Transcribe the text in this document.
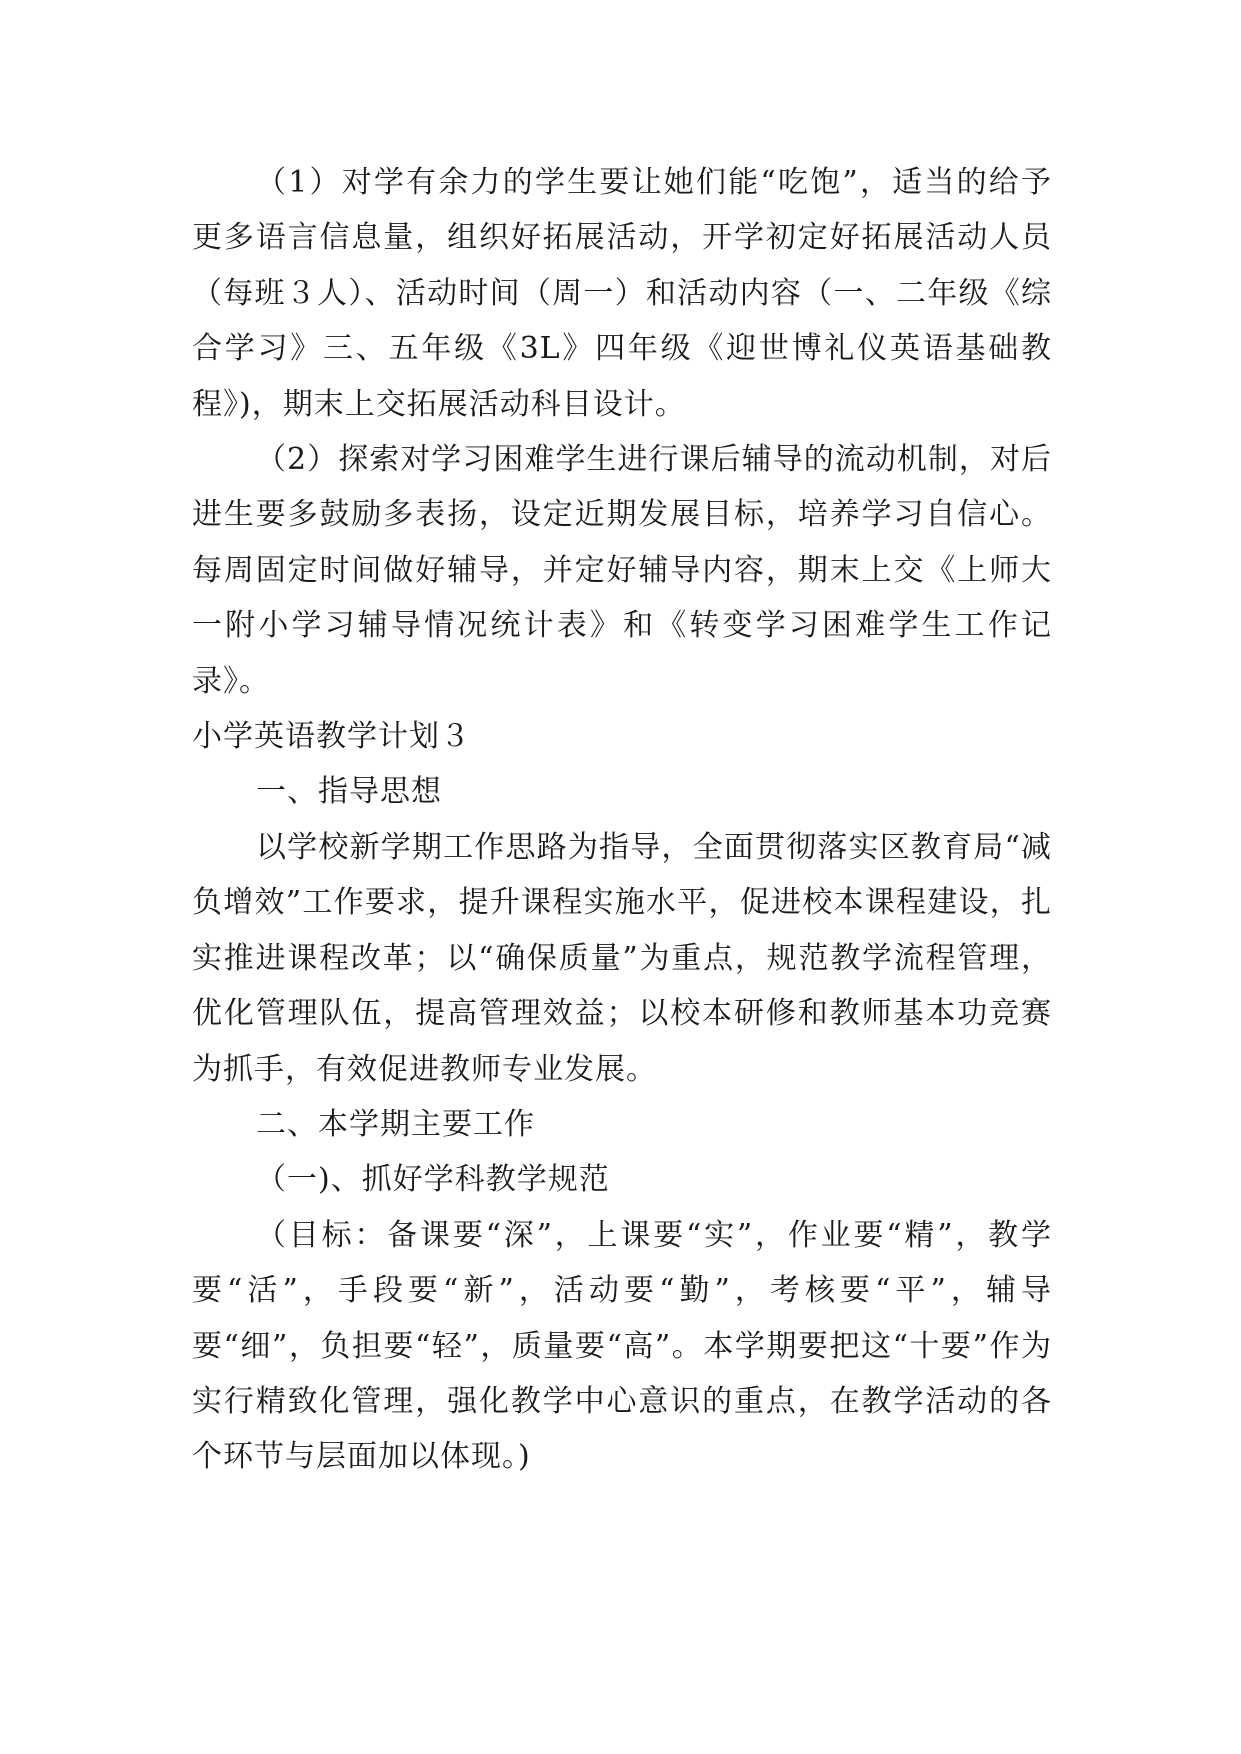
（1）对学有余力的学生要让她们能“吃饱”，适当的给予更多语言信息量，组织好拓展活动，开学初定好拓展活动人员（每班３人）、活动时间（周一）和活动内容（一、二年级《综合学习》三、五年级《3L》四年级《迎世博礼仪英语基础教程》)，期末上交拓展活动科目设计。

（2）探索对学习困难学生进行课后辅导的流动机制，对后进生要多鼓励多表扬，设定近期发展目标，培养学习自信心。每周固定时间做好辅导，并定好辅导内容，期末上交《上师大一附小学习辅导情况统计表》和《转变学习困难学生工作记录》。

小学英语教学计划３

一、指导思想

以学校新学期工作思路为指导，全面贯彻落实区教育局“减负增效”工作要求，提升课程实施水平，促进校本课程建设，扎实推进课程改革；以“确保质量”为重点，规范教学流程管理，优化管理队伍，提高管理效益；以校本研修和教师基本功竞赛为抓手，有效促进教师专业发展。

二、本学期主要工作

（一)、抓好学科教学规范

（目标：备课要“深”，上课要“实”，作业要“精”，教学要“活”，手段要“新”，活动要“勤”，考核要“平”，辅导要“细”，负担要“轻”，质量要“高”。本学期要把这“十要”作为实行精致化管理，强化教学中心意识的重点，在教学活动的各个环节与层面加以体现。)
